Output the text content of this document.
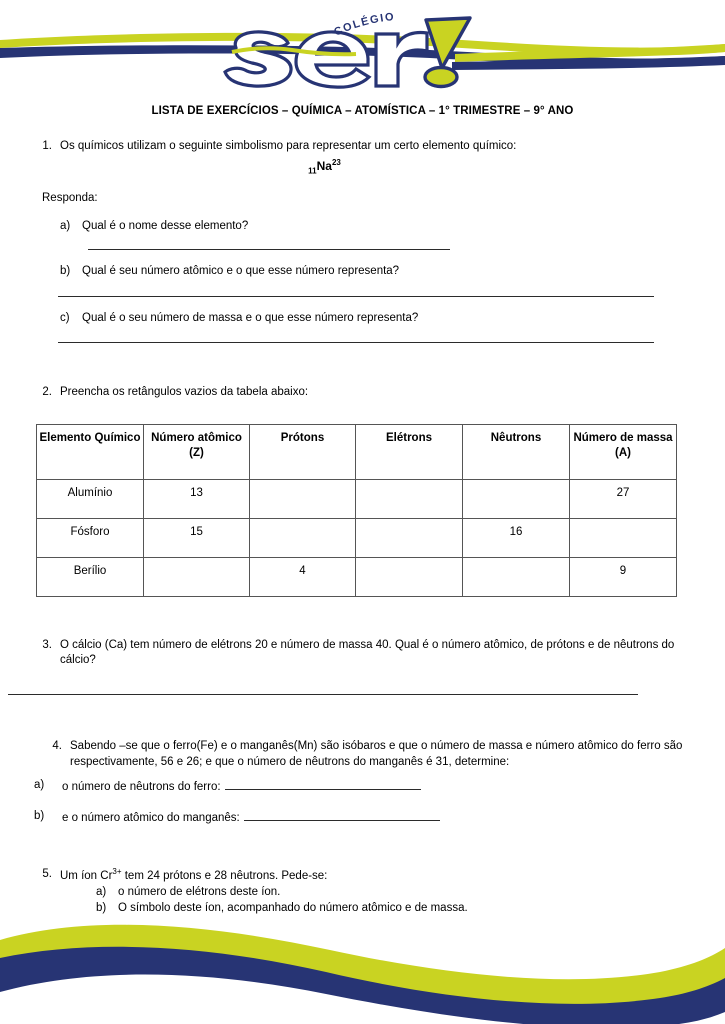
COLÉGIO
LISTA DE EXERCÍCIOS – QUÍMICA – ATOMÍSTICA – 1° TRIMESTRE – 9° ANO
1. Os químicos utilizam o seguinte simbolismo para representar um certo elemento químico:
$_{11}Na^{23}$
Responda:
a)	Qual é o nome desse elemento?
b)	Qual é seu número atômico e o que esse número representa?
c)	Qual é o seu número de massa e o que esse número representa?
2. Preencha os retângulos vazios da tabela abaixo:
Elemento Químico	Número atômico (Z)	Prótons	Elétrons	Nêutrons	Número de massa (A)
Alumínio	13				27
Fósforo	15			16	
Berílio		4			9
3. O cálcio (Ca) tem número de elétrons 20 e número de massa 40. Qual é o número atômico, de prótons e de nêutrons do cálcio?
4. Sabendo –se que o ferro(Fe) e o manganês(Mn) são isóbaros e que o número de massa e número atômico do ferro são respectivamente, 56 e 26; e que o número de nêutrons do manganês é 31, determine:
a)	o número de nêutrons do ferro:
b)	e o número atômico do manganês:
5. Um íon $Cr^{3+}$ tem 24 prótons e 28 nêutrons. Pede-se:
a)	o número de elétrons deste íon.
b)	O símbolo deste íon, acompanhado do número atômico e de massa.
